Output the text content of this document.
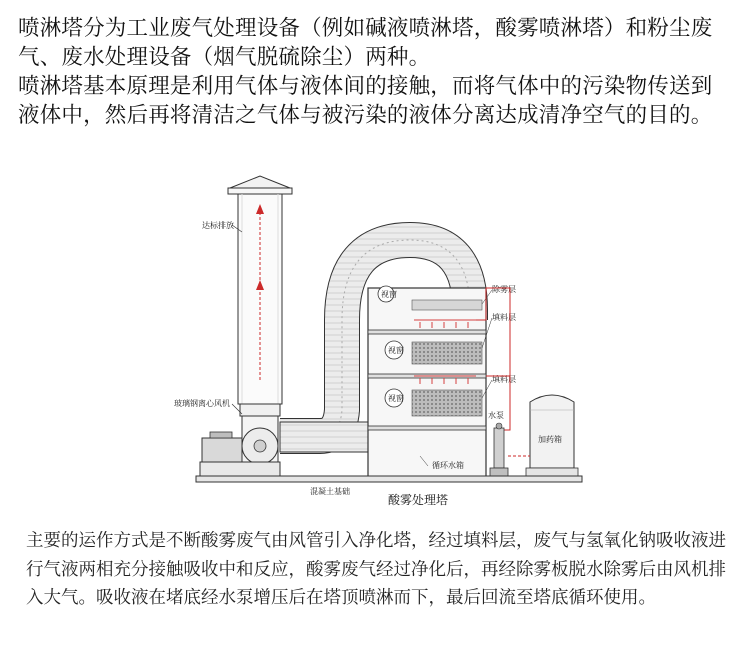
喷淋塔分为工业废气处理设备（例如碱液喷淋塔，酸雾喷淋塔）和粉尘废气、废水处理设备（烟气脱硫除尘）两种。

喷淋塔基本原理是利用气体与液体间的接触，而将气体中的污染物传送到液体中，然后再将清洁之气体与被污染的液体分离达成清净空气的目的。

达标排放
玻璃钢离心风机
视窗
视窗
视窗
除雾层
填料层
填料层
水泵
循环水箱
加药箱
混凝土基础
酸雾处理塔

主要的运作方式是不断酸雾废气由风管引入净化塔，经过填料层，废气与氢氧化钠吸收液进行气液两相充分接触吸收中和反应，酸雾废气经过净化后，再经除雾板脱水除雾后由风机排入大气。吸收液在堵底经水泵增压后在塔顶喷淋而下，最后回流至塔底循环使用。
